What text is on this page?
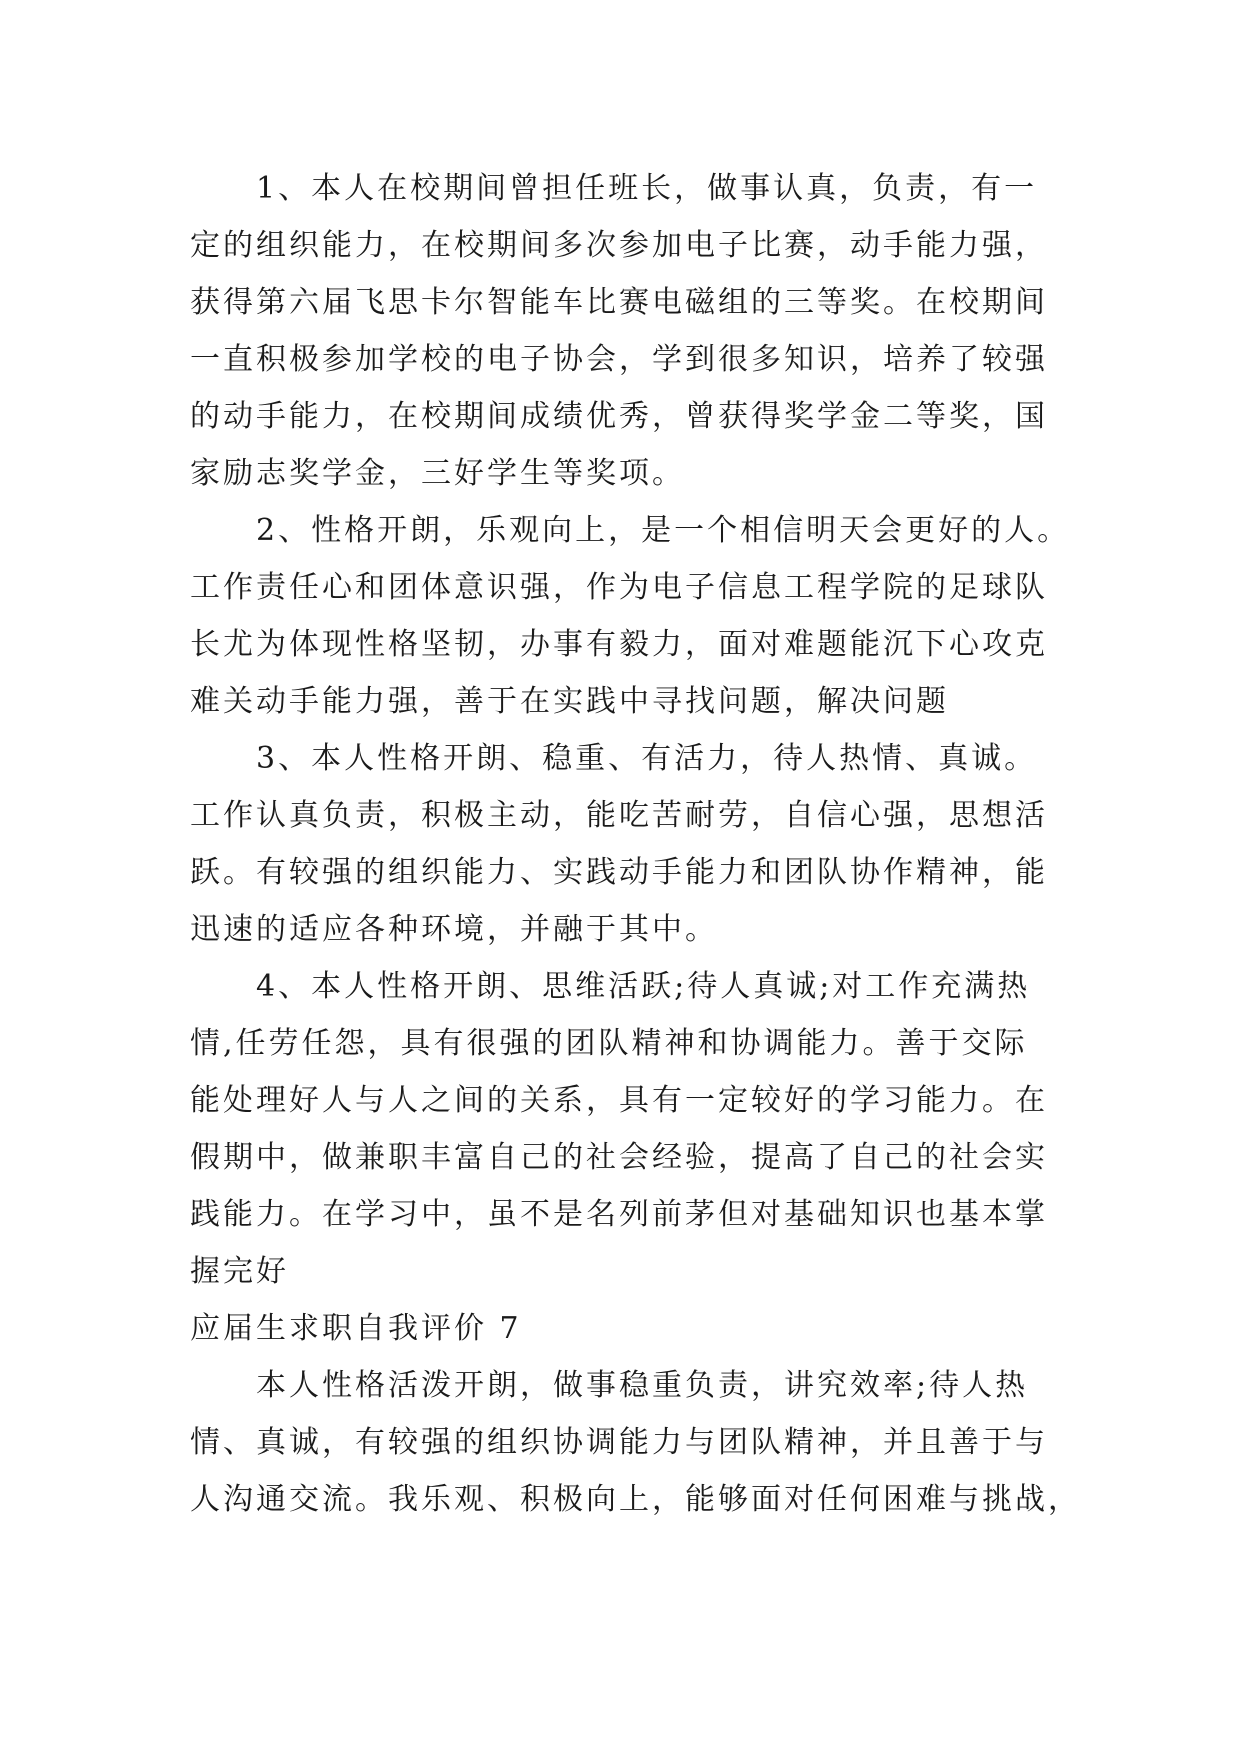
1、本人在校期间曾担任班长，做事认真，负责，有一
定的组织能力，在校期间多次参加电子比赛，动手能力强，
获得第六届飞思卡尔智能车比赛电磁组的三等奖。在校期间
一直积极参加学校的电子协会，学到很多知识，培养了较强
的动手能力，在校期间成绩优秀，曾获得奖学金二等奖，国
家励志奖学金，三好学生等奖项。
2、性格开朗，乐观向上，是一个相信明天会更好的人。
工作责任心和团体意识强，作为电子信息工程学院的足球队
长尤为体现性格坚韧，办事有毅力，面对难题能沉下心攻克
难关动手能力强，善于在实践中寻找问题，解决问题
3、本人性格开朗、稳重、有活力，待人热情、真诚。
工作认真负责，积极主动，能吃苦耐劳，自信心强，思想活
跃。有较强的组织能力、实践动手能力和团队协作精神，能
迅速的适应各种环境，并融于其中。
4、本人性格开朗、思维活跃;待人真诚;对工作充满热
情,任劳任怨，具有很强的团队精神和协调能力。善于交际
能处理好人与人之间的关系，具有一定较好的学习能力。在
假期中，做兼职丰富自己的社会经验，提高了自己的社会实
践能力。在学习中，虽不是名列前茅但对基础知识也基本掌
握完好
应届生求职自我评价 7
本人性格活泼开朗，做事稳重负责，讲究效率;待人热
情、真诚，有较强的组织协调能力与团队精神，并且善于与
人沟通交流。我乐观、积极向上，能够面对任何困难与挑战，
